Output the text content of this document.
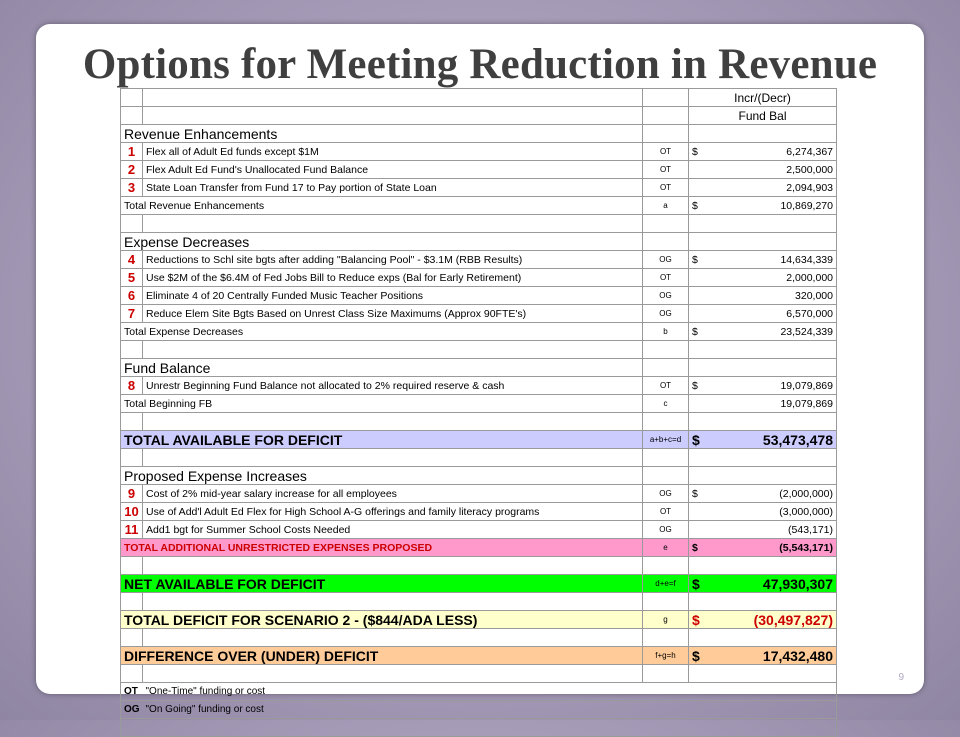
Options for Meeting Reduction in Revenue
9
			Incr/(Decr)
			Fund Bal
Revenue Enhancements			
1	Flex all of Adult Ed funds except $1M	OT	$ 6,274,367
2	Flex Adult Ed Fund's Unallocated Fund Balance	OT	2,500,000
3	State Loan Transfer from Fund 17 to Pay portion of State Loan	OT	2,094,903
Total Revenue Enhancements		a	$ 10,869,270

Expense Decreases			
4	Reductions to Schl site bgts after adding "Balancing Pool" - $3.1M (RBB Results)	OG	$ 14,634,339
5	Use $2M of the $6.4M of Fed Jobs Bill to Reduce exps (Bal for Early Retirement)	OT	2,000,000
6	Eliminate 4 of 20 Centrally Funded Music Teacher Positions	OG	320,000
7	Reduce Elem Site Bgts Based on Unrest Class Size Maximums (Approx 90FTE's)	OG	6,570,000
Total Expense Decreases		b	$ 23,524,339

Fund Balance			
8	Unrestr Beginning Fund Balance not allocated to 2% required reserve & cash	OT	$ 19,079,869
Total Beginning FB		c	19,079,869

TOTAL AVAILABLE FOR DEFICIT		a+b+c=d	$ 53,473,478

Proposed Expense Increases			
9	Cost of 2% mid-year salary increase for all employees	OG	$ (2,000,000)
10	Use of Add'l Adult Ed Flex for High School A-G offerings and family literacy programs	OT	(3,000,000)
11	Add1 bgt for Summer School Costs Needed	OG	(543,171)
TOTAL ADDITIONAL UNRESTRICTED EXPENSES PROPOSED		e	$ (5,543,171)

NET AVAILABLE FOR DEFICIT		d+e=f	$ 47,930,307

TOTAL DEFICIT FOR SCENARIO 2 - ($844/ADA LESS)		g	$ (30,497,827)

DIFFERENCE OVER (UNDER) DEFICIT		f+g=h	$ 17,432,480

OT	"One-Time" funding or cost		
OG	"On Going" funding or cost		
